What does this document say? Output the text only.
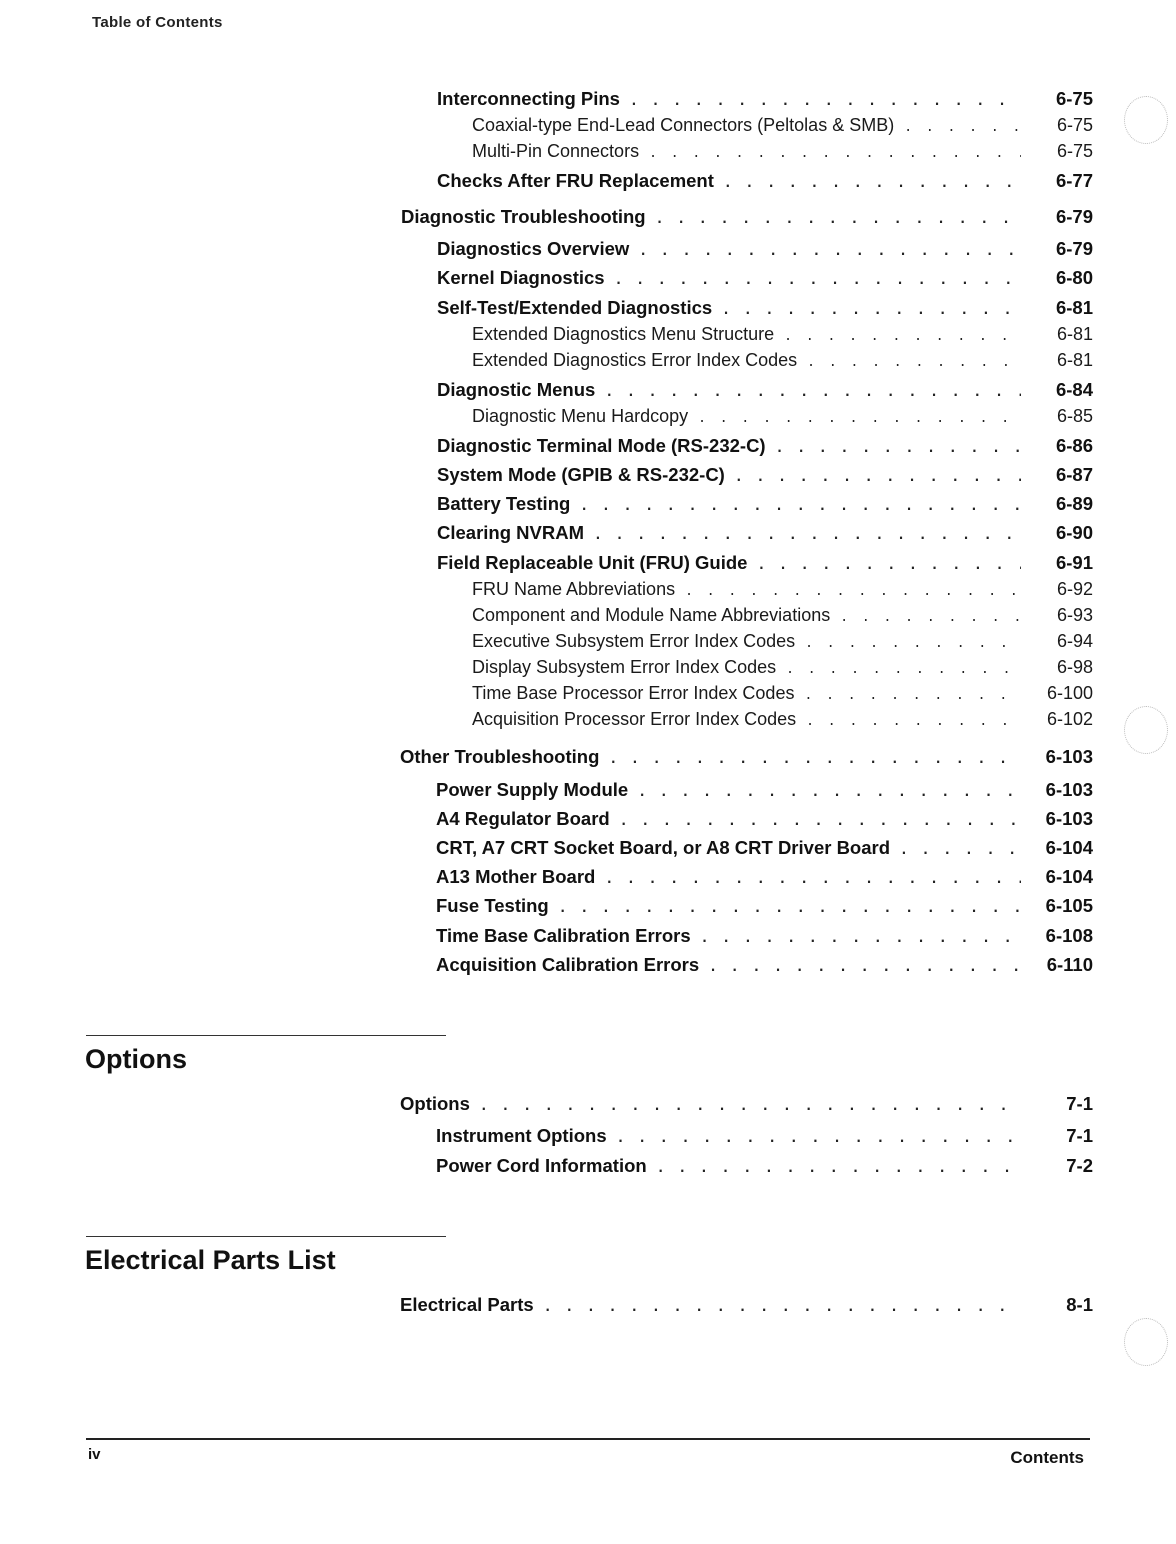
Table of Contents
Interconnecting Pins . . .	6-75
Coaxial-type End-Lead Connectors (Peltolas & SMB) . . .	6-75
Multi-Pin Connectors . . .	6-75
Checks After FRU Replacement . . .	6-77
Diagnostic Troubleshooting . . .	6-79
Diagnostics Overview . . .	6-79
Kernel Diagnostics . . .	6-80
Self-Test/Extended Diagnostics . . .	6-81
Extended Diagnostics Menu Structure . . .	6-81
Extended Diagnostics Error Index Codes . . .	6-81
Diagnostic Menus . . .	6-84
Diagnostic Menu Hardcopy . . .	6-85
Diagnostic Terminal Mode (RS-232-C) . . .	6-86
System Mode (GPIB & RS-232-C) . . .	6-87
Battery Testing . . .	6-89
Clearing NVRAM . . .	6-90
Field Replaceable Unit (FRU) Guide . . .	6-91
FRU Name Abbreviations . . .	6-92
Component and Module Name Abbreviations . . .	6-93
Executive Subsystem Error Index Codes . . .	6-94
Display Subsystem Error Index Codes . . .	6-98
Time Base Processor Error Index Codes . . .	6-100
Acquisition Processor Error Index Codes . . .	6-102
Other Troubleshooting . . .	6-103
Power Supply Module . . .	6-103
A4 Regulator Board . . .	6-103
CRT, A7 CRT Socket Board, or A8 CRT Driver Board . . .	6-104
A13 Mother Board . . .	6-104
Fuse Testing . . .	6-105
Time Base Calibration Errors . . .	6-108
Acquisition Calibration Errors . . .	6-110
Options
Options . . .	7-1
Instrument Options . . .	7-1
Power Cord Information . . .	7-2
Electrical Parts List
Electrical Parts . . .	8-1
iv	Contents
